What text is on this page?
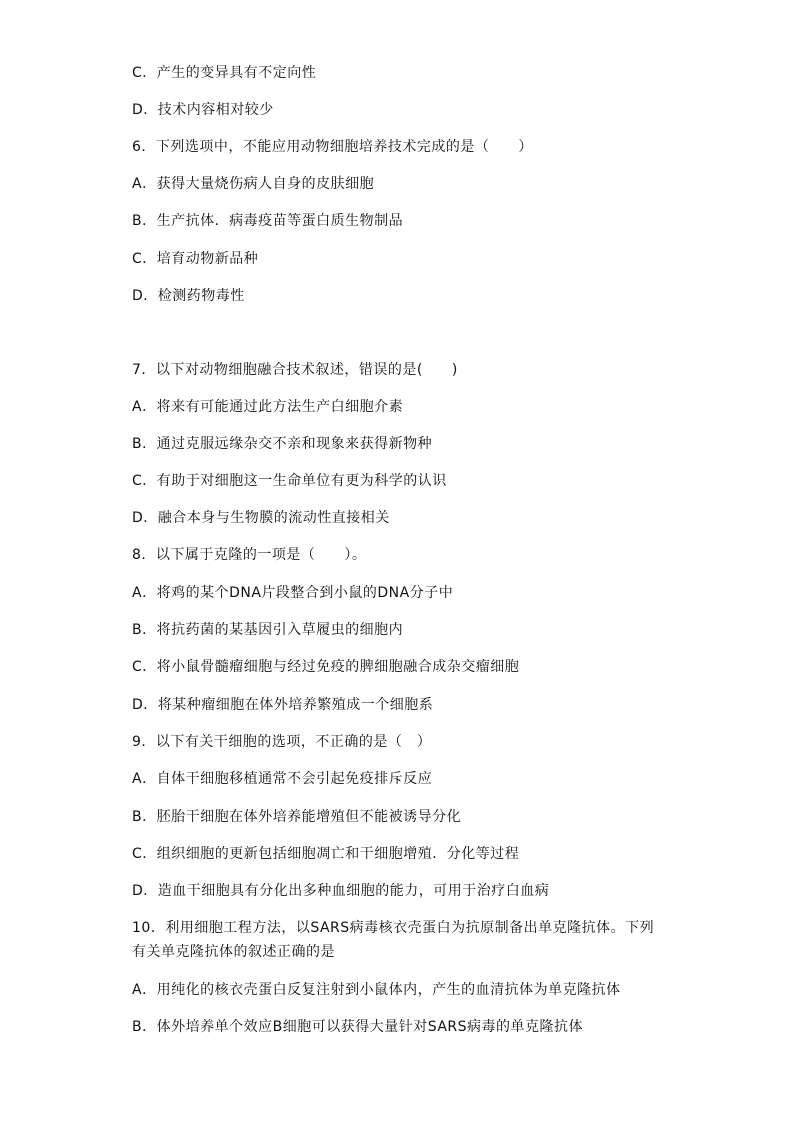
C．产生的变异具有不定向性
D．技术内容相对较少
6．下列选项中，不能应用动物细胞培养技术完成的是（　　）
A．获得大量烧伤病人自身的皮肤细胞
B．生产抗体．病毒疫苗等蛋白质生物制品
C．培育动物新品种
D．检测药物毒性
7．以下对动物细胞融合技术叙述，错误的是(　　)
A．将来有可能通过此方法生产白细胞介素
B．通过克服远缘杂交不亲和现象来获得新物种
C．有助于对细胞这一生命单位有更为科学的认识
D．融合本身与生物膜的流动性直接相关
8．以下属于克隆的一项是（　　）。
A．将鸡的某个DNA片段整合到小鼠的DNA分子中
B．将抗药菌的某基因引入草履虫的细胞内
C．将小鼠骨髓瘤细胞与经过免疫的脾细胞融合成杂交瘤细胞
D．将某种瘤细胞在体外培养繁殖成一个细胞系
9．以下有关干细胞的选项，不正确的是（　）
A．自体干细胞移植通常不会引起免疫排斥反应
B．胚胎干细胞在体外培养能增殖但不能被诱导分化
C．组织细胞的更新包括细胞凋亡和干细胞增殖．分化等过程
D．造血干细胞具有分化出多种血细胞的能力，可用于治疗白血病
10．利用细胞工程方法，以SARS病毒核衣壳蛋白为抗原制备出单克隆抗体。下列有关单克隆抗体的叙述正确的是
A．用纯化的核衣壳蛋白反复注射到小鼠体内，产生的血清抗体为单克隆抗体
B．体外培养单个效应B细胞可以获得大量针对SARS病毒的单克隆抗体
